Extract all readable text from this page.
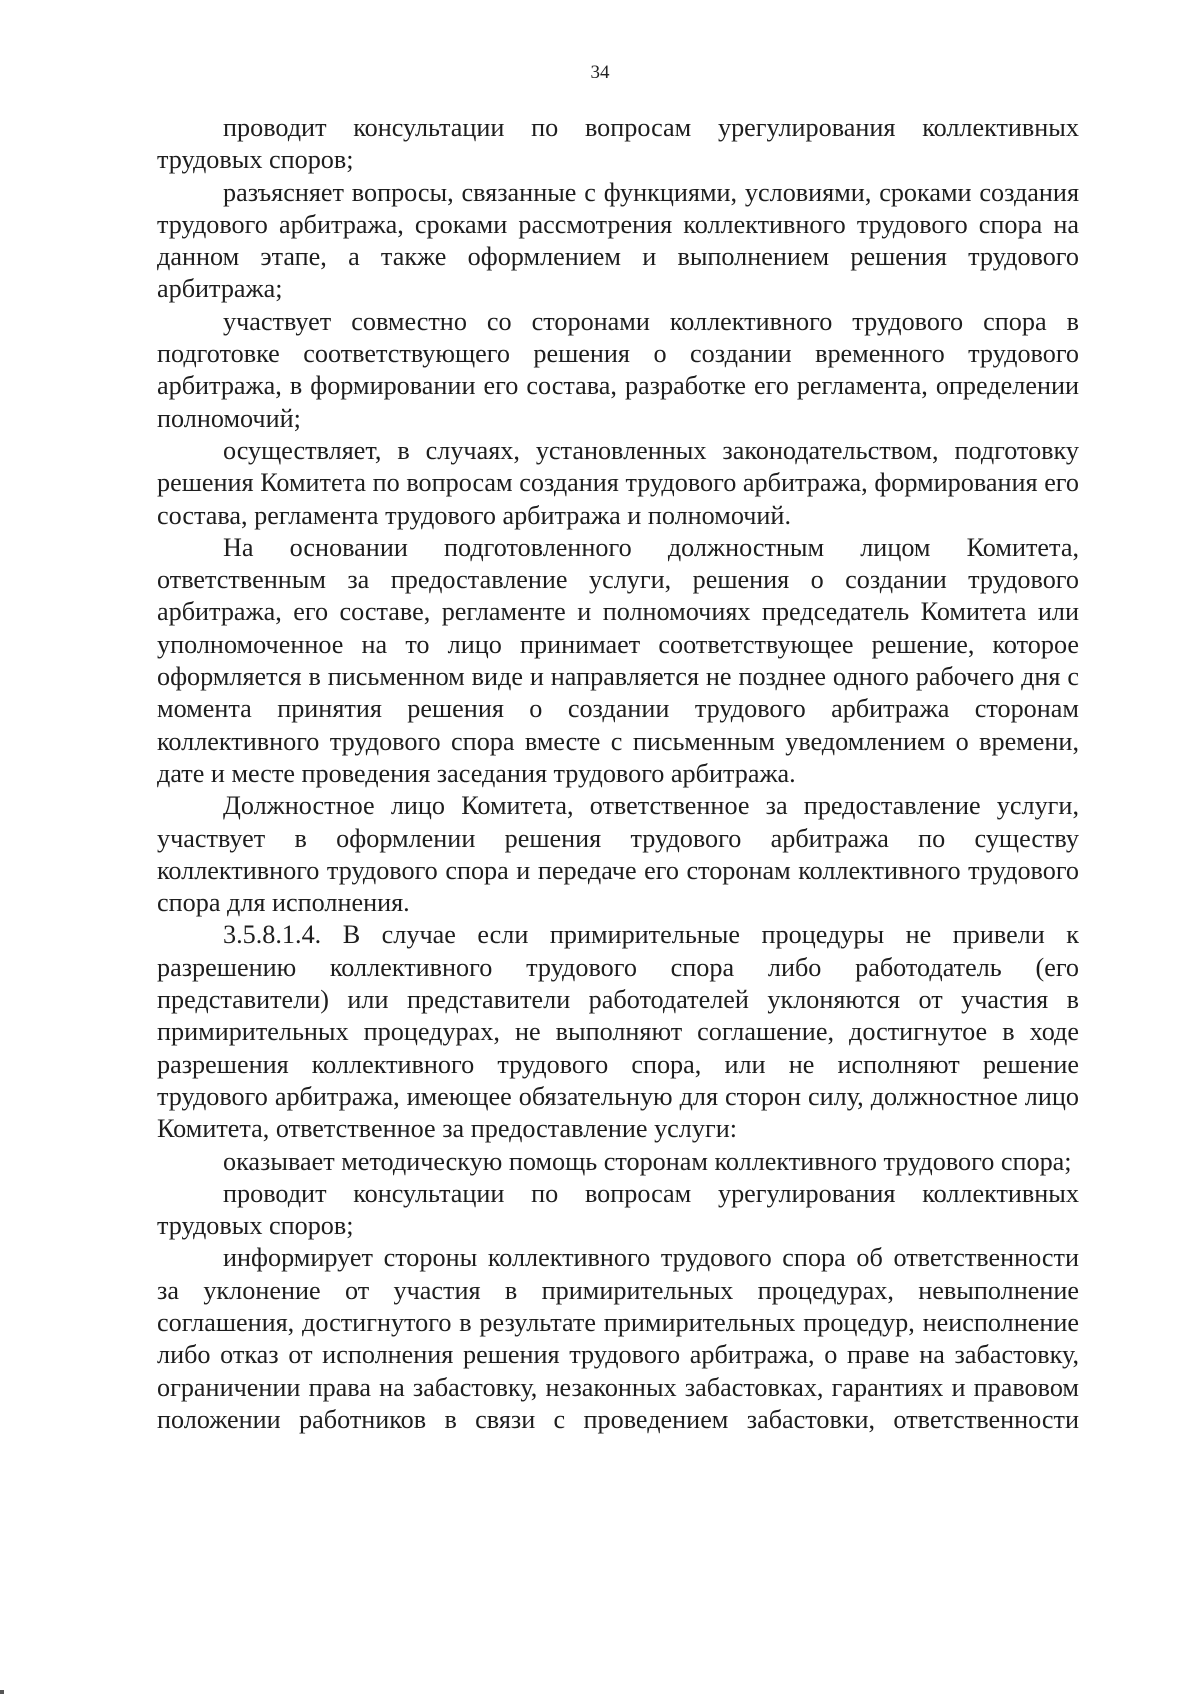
34

проводит консультации по вопросам урегулирования коллективных трудовых споров;

разъясняет вопросы, связанные с функциями, условиями, сроками создания трудового арбитража, сроками рассмотрения коллективного трудового спора на данном этапе, а также оформлением и выполнением решения трудового арбитража;

участвует совместно со сторонами коллективного трудового спора в подготовке соответствующего решения о создании временного трудового арбитража, в формировании его состава, разработке его регламента, определении полномочий;

осуществляет, в случаях, установленных законодательством, подготовку решения Комитета по вопросам создания трудового арбитража, формирования его состава, регламента трудового арбитража и полномочий.

На основании подготовленного должностным лицом Комитета, ответственным за предоставление услуги, решения о создании трудового арбитража, его составе, регламенте и полномочиях председатель Комитета или уполномоченное на то лицо принимает соответствующее решение, которое оформляется в письменном виде и направляется не позднее одного рабочего дня с момента принятия решения о создании трудового арбитража сторонам коллективного трудового спора вместе с письменным уведомлением о времени, дате и месте проведения заседания трудового арбитража.

Должностное лицо Комитета, ответственное за предоставление услуги, участвует в оформлении решения трудового арбитража по существу коллективного трудового спора и передаче его сторонам коллективного трудового спора для исполнения.

3.5.8.1.4. В случае если примирительные процедуры не привели к разрешению коллективного трудового спора либо работодатель (его представители) или представители работодателей уклоняются от участия в примирительных процедурах, не выполняют соглашение, достигнутое в ходе разрешения коллективного трудового спора, или не исполняют решение трудового арбитража, имеющее обязательную для сторон силу, должностное лицо Комитета, ответственное за предоставление услуги:

оказывает методическую помощь сторонам коллективного трудового спора;

проводит консультации по вопросам урегулирования коллективных трудовых споров;

информирует стороны коллективного трудового спора об ответственности за уклонение от участия в примирительных процедурах, невыполнение соглашения, достигнутого в результате примирительных процедур, неисполнение либо отказ от исполнения решения трудового арбитража, о праве на забастовку, ограничении права на забастовку, незаконных забастовках, гарантиях и правовом положении работников в связи с проведением забастовки, ответственности
